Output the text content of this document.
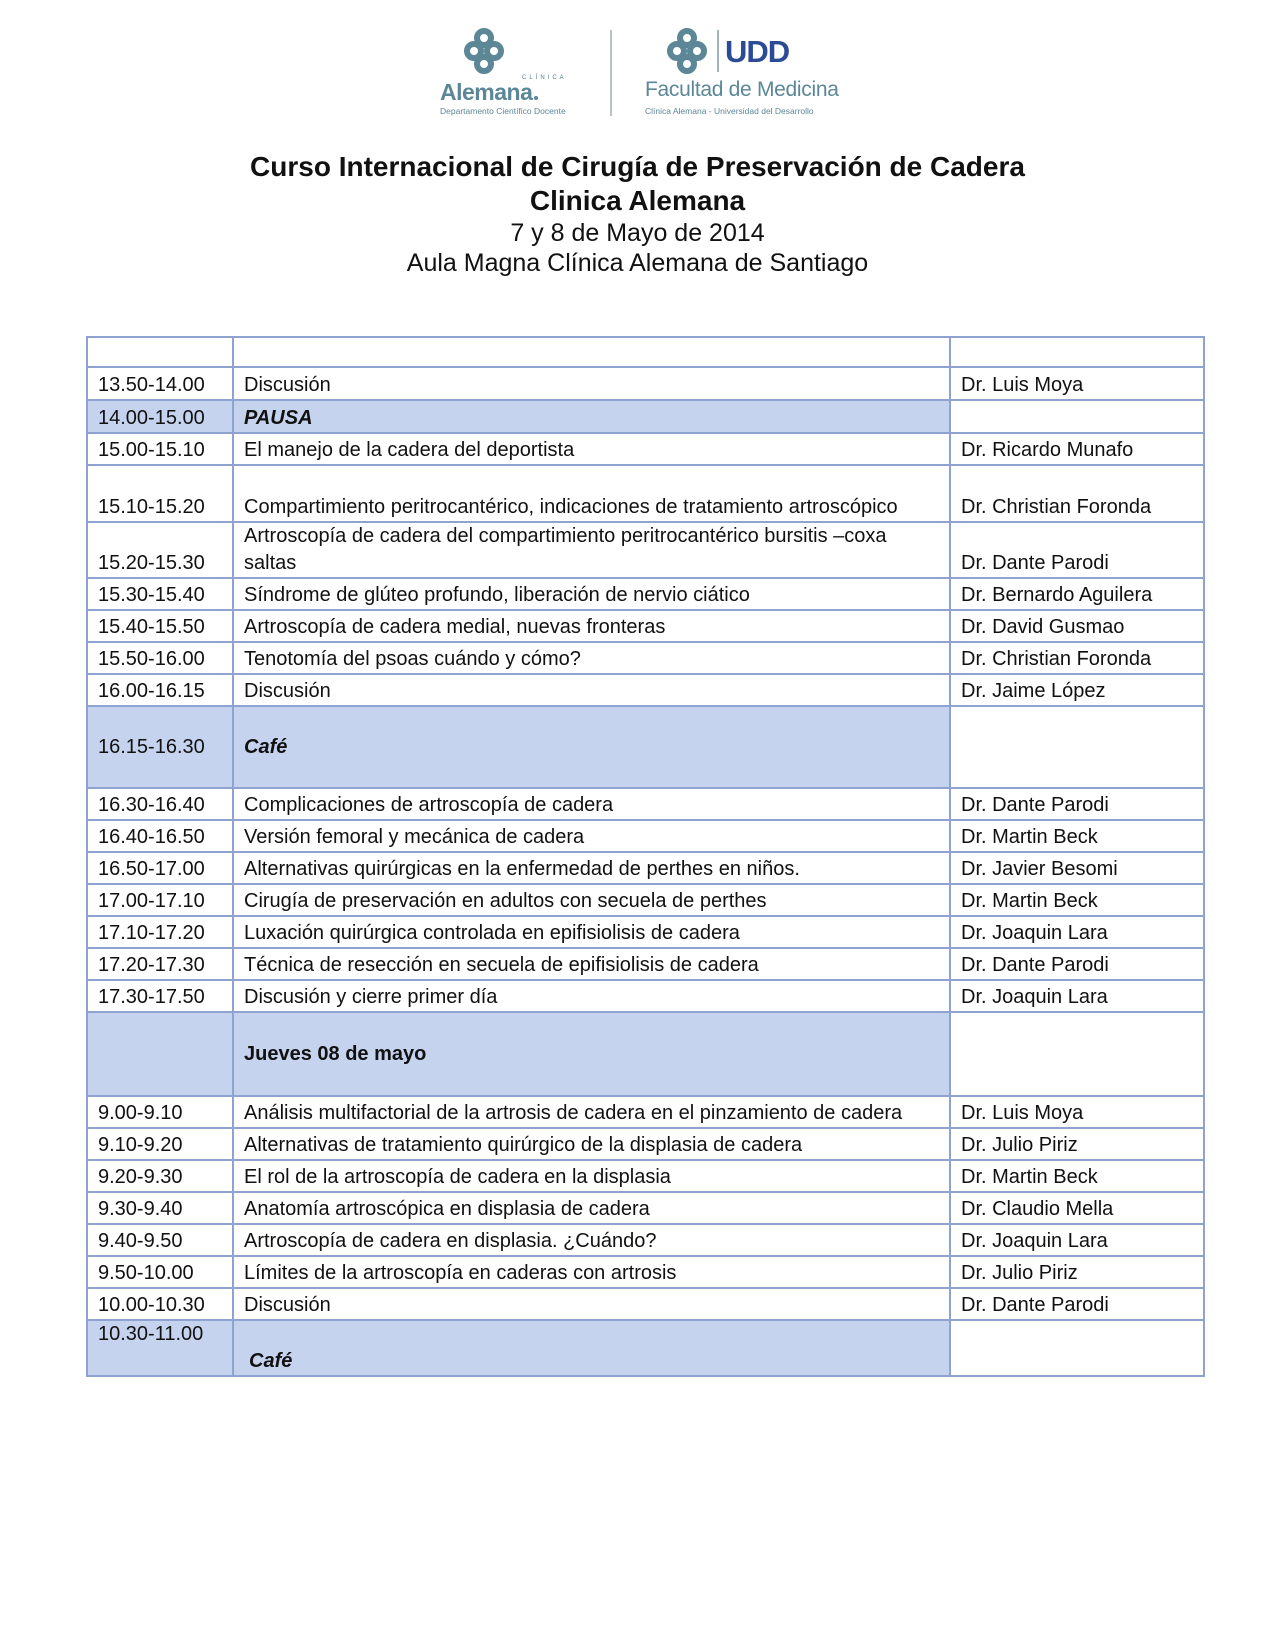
CLÍNICA
Alemana
Departamento Científico Docente
UDD
Facultad de Medicina
Clínica Alemana - Universidad del Desarrollo
Curso Internacional de Cirugía de Preservación de Cadera
Clinica Alemana
7 y 8 de Mayo de 2014
Aula Magna Clínica Alemana de Santiago

13.50-14.00	Discusión	Dr. Luis Moya
14.00-15.00	PAUSA	
15.00-15.10	El manejo de la cadera del deportista	Dr. Ricardo Munafo
15.10-15.20	Compartimiento peritrocantérico, indicaciones de tratamiento artroscópico	Dr. Christian Foronda
15.20-15.30	Artroscopía de cadera del compartimiento peritrocantérico bursitis –coxa saltas	Dr. Dante Parodi
15.30-15.40	Síndrome de glúteo profundo, liberación de nervio ciático	Dr. Bernardo Aguilera
15.40-15.50	Artroscopía de cadera medial, nuevas fronteras	Dr. David Gusmao
15.50-16.00	Tenotomía del psoas cuándo y cómo?	Dr. Christian Foronda
16.00-16.15	Discusión	Dr. Jaime López
16.15-16.30	Café	
16.30-16.40	Complicaciones de artroscopía de cadera	Dr. Dante Parodi
16.40-16.50	Versión femoral y mecánica de cadera	Dr. Martin Beck
16.50-17.00	Alternativas quirúrgicas en la enfermedad de perthes en niños.	Dr. Javier Besomi
17.00-17.10	Cirugía de preservación en adultos con secuela de perthes	Dr. Martin Beck
17.10-17.20	Luxación quirúrgica controlada en epifisiolisis de cadera	Dr. Joaquin Lara
17.20-17.30	Técnica de resección en secuela de epifisiolisis de cadera	Dr. Dante Parodi
17.30-17.50	Discusión y cierre primer día	Dr. Joaquin Lara
	Jueves 08 de mayo	
9.00-9.10	Análisis multifactorial de la artrosis de cadera en el pinzamiento de cadera	Dr. Luis Moya
9.10-9.20	Alternativas de tratamiento quirúrgico de la displasia de cadera	Dr. Julio Piriz
9.20-9.30	El rol de la artroscopía de cadera en la displasia	Dr. Martin Beck
9.30-9.40	Anatomía artroscópica en displasia de cadera	Dr. Claudio Mella
9.40-9.50	Artroscopía de cadera en displasia. ¿Cuándo?	Dr. Joaquin Lara
9.50-10.00	Límites de la artroscopía en caderas con artrosis	Dr. Julio Piriz
10.00-10.30	Discusión	Dr. Dante Parodi
10.30-11.00	Café	
